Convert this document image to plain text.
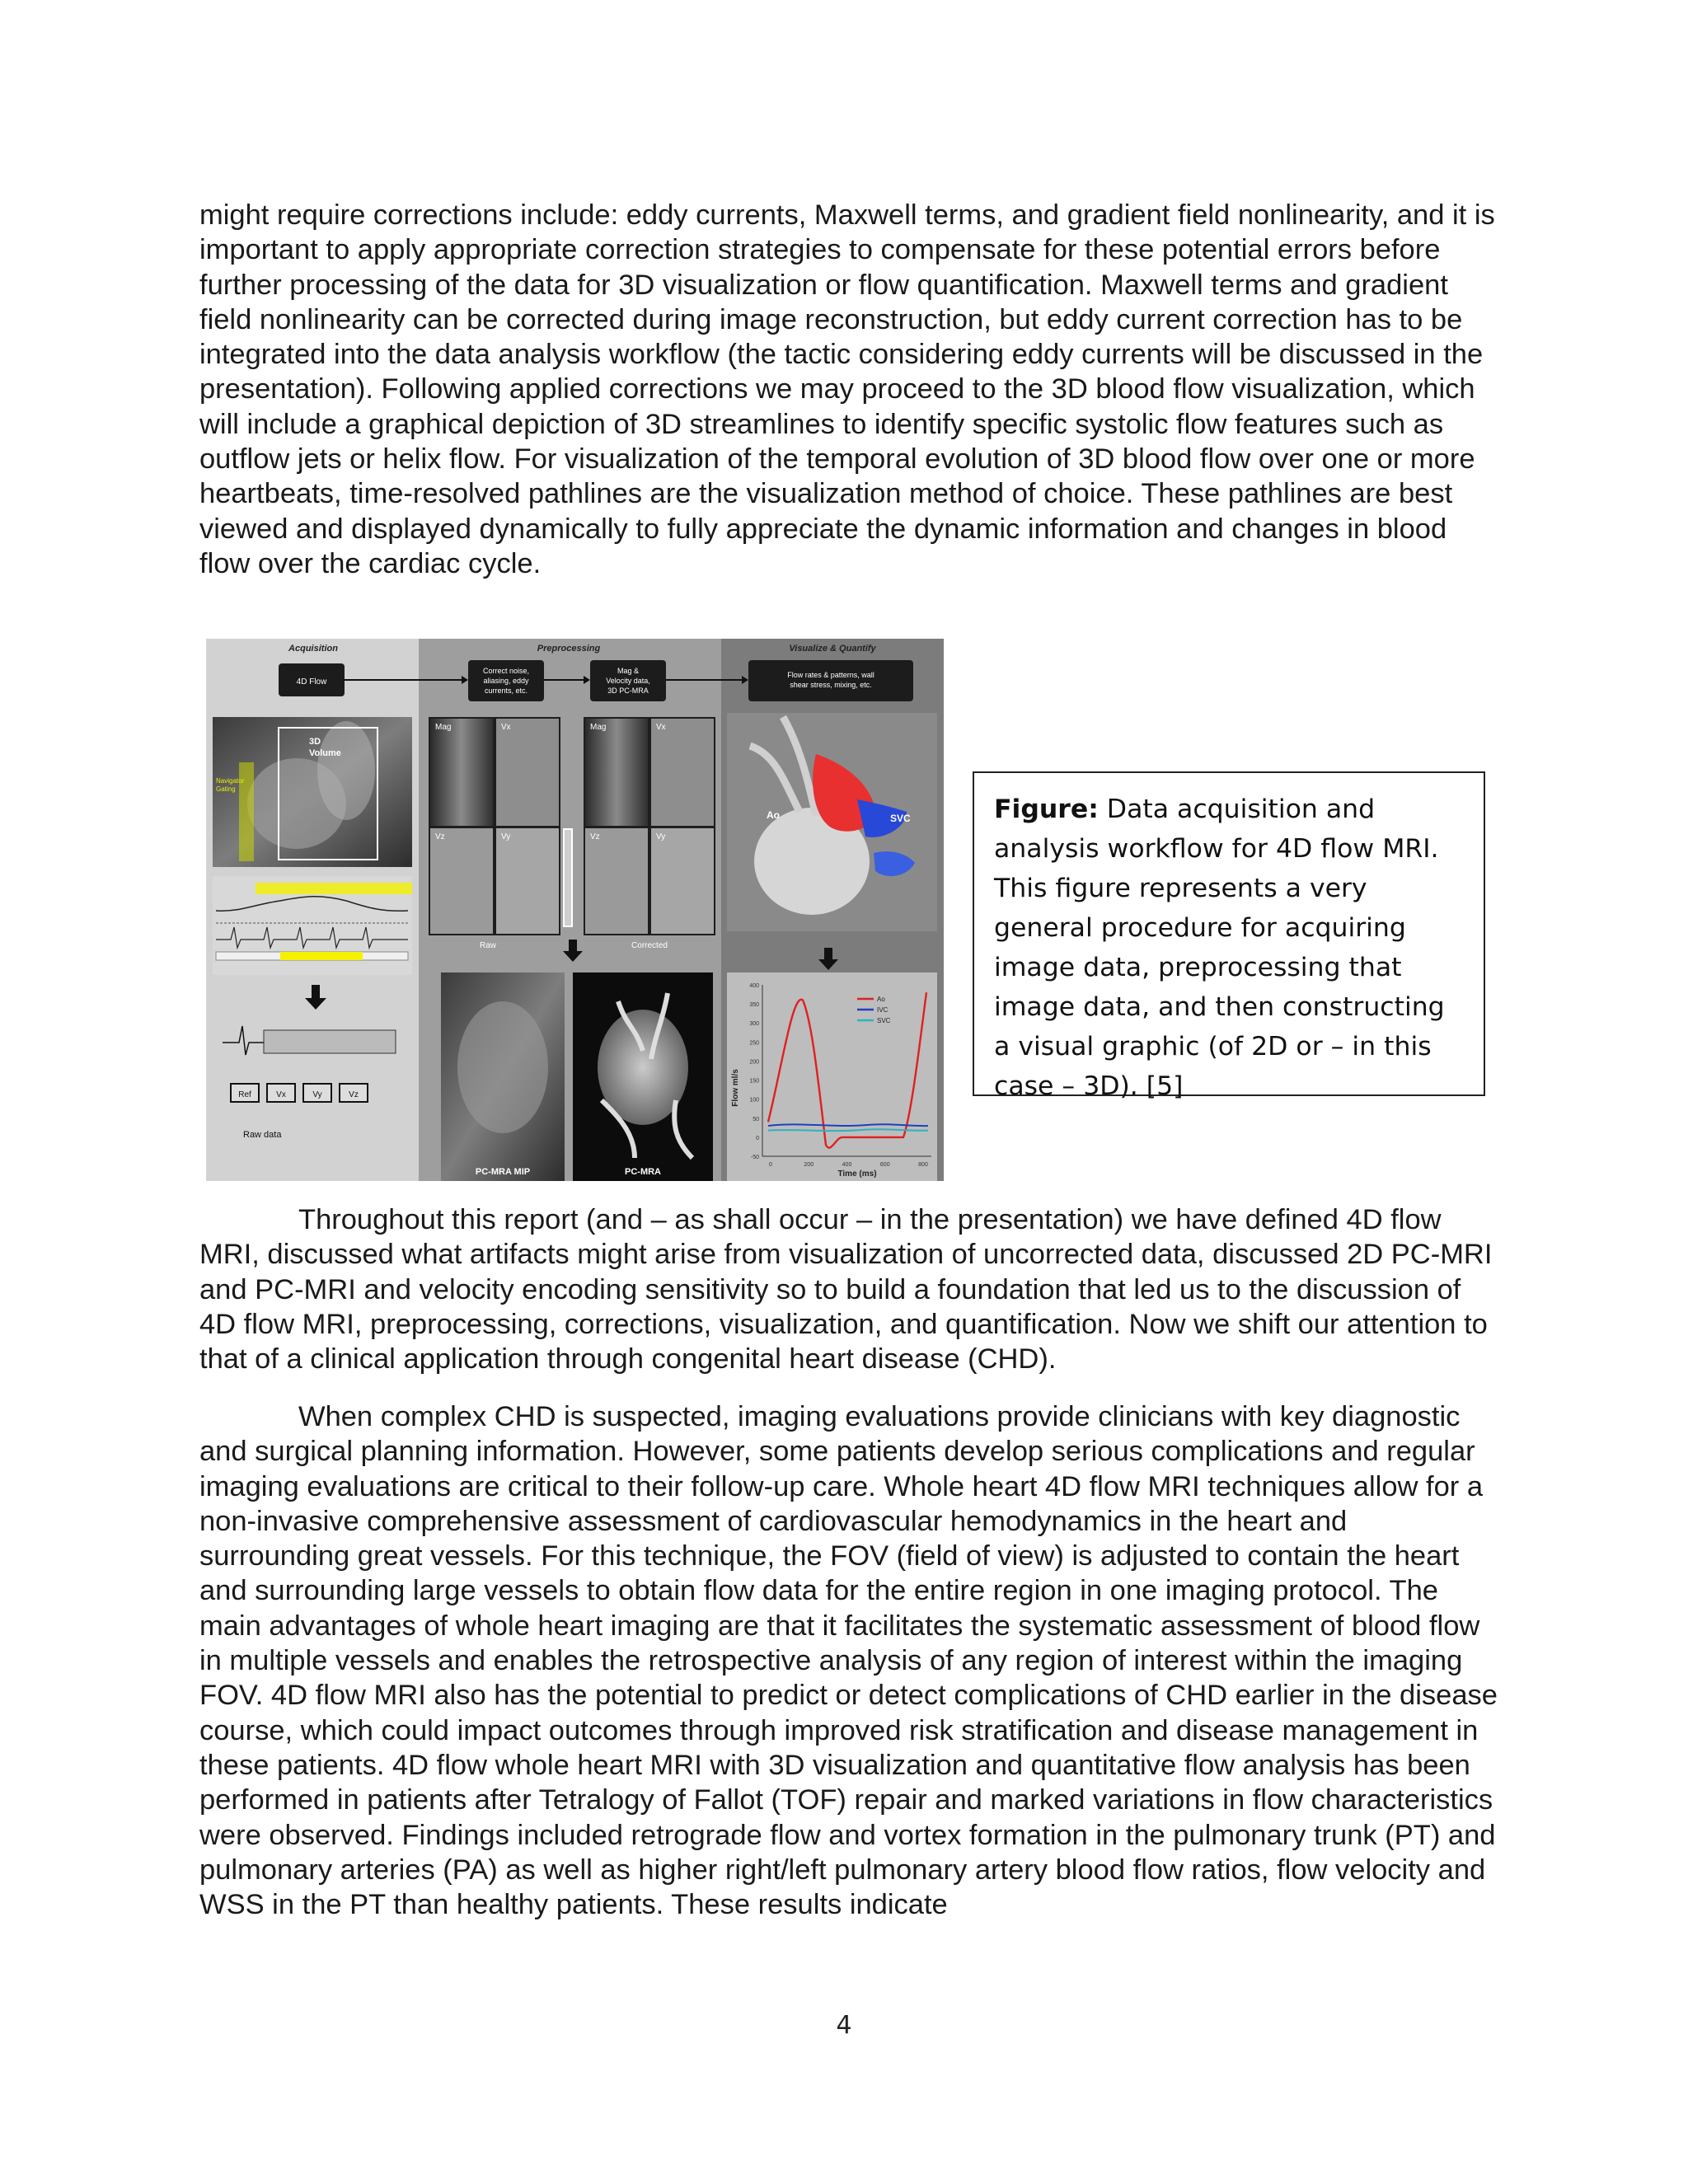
might require corrections include: eddy currents, Maxwell terms, and gradient field nonlinearity, and it is important to apply appropriate correction strategies to compensate for these potential errors before further processing of the data for 3D visualization or flow quantification. Maxwell terms and gradient field nonlinearity can be corrected during image reconstruction, but eddy current correction has to be integrated into the data analysis workflow (the tactic considering eddy currents will be discussed in the presentation). Following applied corrections we may proceed to the 3D blood flow visualization, which will include a graphical depiction of 3D streamlines to identify specific systolic flow features such as outflow jets or helix flow. For visualization of the temporal evolution of 3D blood flow over one or more heartbeats, time-resolved pathlines are the visualization method of choice. These pathlines are best viewed and displayed dynamically to fully appreciate the dynamic information and changes in blood flow over the cardiac cycle.

Acquisition	Preprocessing	Visualize & Quantify
4D Flow
Correct noise,
aliasing, eddy
currents, etc.
Mag &
Velocity data,
3D PC-MRA
Flow rates & patterns, wall
shear stress, mixing, etc.
3D
Volume
Navigator
Gating
Ref	Vx	Vy	Vz
Raw data
Mag	Vx
Vz	Vy
Raw
Mag	Vx
Vz	Vy
Corrected
PC-MRA MIP	PC-MRA
Ao	SVC
Flow ml/s
Time (ms)
400
350
300
250
200
150
100
50
0
-50
0	200	400	600	800
Ao
IVC
SVC
Figure: Data acquisition and analysis workflow for 4D flow MRI. This figure represents a very general procedure for acquiring image data, preprocessing that image data, and then constructing a visual graphic (of 2D or – in this case – 3D). [5]

Throughout this report (and – as shall occur – in the presentation) we have defined 4D flow MRI, discussed what artifacts might arise from visualization of uncorrected data, discussed 2D PC-MRI and PC-MRI and velocity encoding sensitivity so to build a foundation that led us to the discussion of 4D flow MRI, preprocessing, corrections, visualization, and quantification. Now we shift our attention to that of a clinical application through congenital heart disease (CHD).

When complex CHD is suspected, imaging evaluations provide clinicians with key diagnostic and surgical planning information. However, some patients develop serious complications and regular imaging evaluations are critical to their follow-up care. Whole heart 4D flow MRI techniques allow for a non-invasive comprehensive assessment of cardiovascular hemodynamics in the heart and surrounding great vessels. For this technique, the FOV (field of view) is adjusted to contain the heart and surrounding large vessels to obtain flow data for the entire region in one imaging protocol. The main advantages of whole heart imaging are that it facilitates the systematic assessment of blood flow in multiple vessels and enables the retrospective analysis of any region of interest within the imaging FOV. 4D flow MRI also has the potential to predict or detect complications of CHD earlier in the disease course, which could impact outcomes through improved risk stratification and disease management in these patients. 4D flow whole heart MRI with 3D visualization and quantitative flow analysis has been performed in patients after Tetralogy of Fallot (TOF) repair and marked variations in flow characteristics were observed. Findings included retrograde flow and vortex formation in the pulmonary trunk (PT) and pulmonary arteries (PA) as well as higher right/left pulmonary artery blood flow ratios, flow velocity and WSS in the PT than healthy patients. These results indicate

4
